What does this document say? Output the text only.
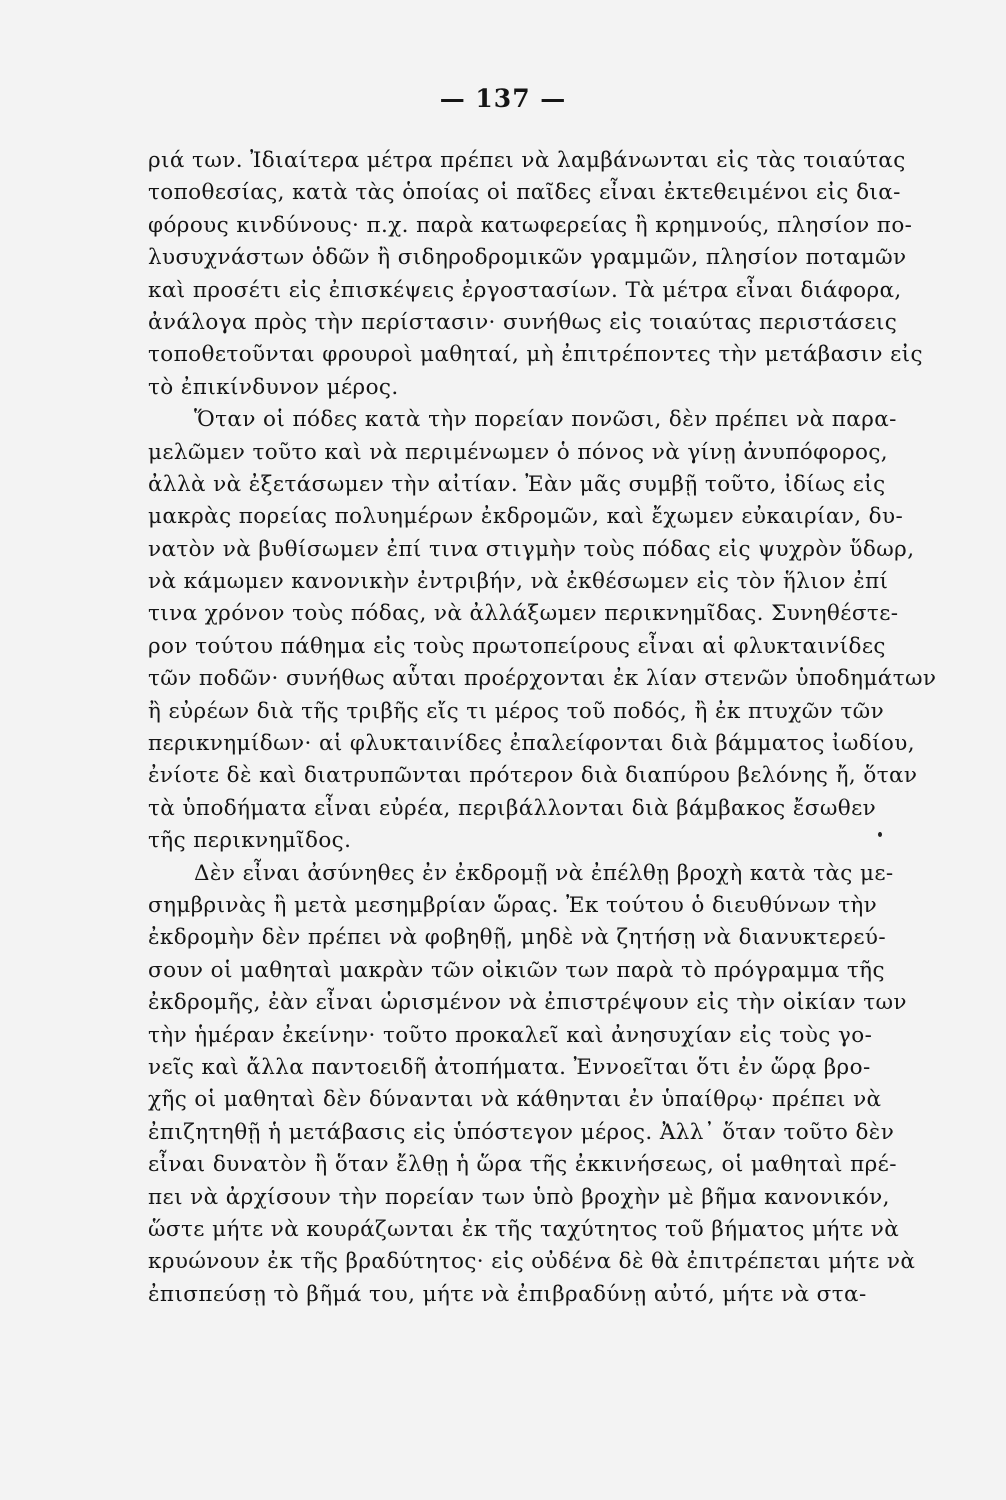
— 137 —
ριά των. Ἰδιαίτερα μέτρα πρέπει νὰ λαμβάνωνται εἰς τὰς τοιαύτας
τοποθεσίας, κατὰ τὰς ὁποίας οἱ παῖδες εἶναι ἐκτεθειμένοι εἰς δια-
φόρους κινδύνους· π.χ. παρὰ κατωφερείας ἢ κρημνούς, πλησίον πο-
λυσυχνάστων ὁδῶν ἢ σιδηροδρομικῶν γραμμῶν, πλησίον ποταμῶν
καὶ προσέτι εἰς ἐπισκέψεις ἐργοστασίων. Τὰ μέτρα εἶναι διάφορα,
ἀνάλογα πρὸς τὴν περίστασιν· συνήθως εἰς τοιαύτας περιστάσεις
τοποθετοῦνται φρουροὶ μαθηταί, μὴ ἐπιτρέποντες τὴν μετάβασιν εἰς
τὸ ἐπικίνδυνον μέρος.
Ὅταν οἱ πόδες κατὰ τὴν πορείαν πονῶσι, δὲν πρέπει νὰ παρα-
μελῶμεν τοῦτο καὶ νὰ περιμένωμεν ὁ πόνος νὰ γίνῃ ἀνυπόφορος,
ἀλλὰ νὰ ἐξετάσωμεν τὴν αἰτίαν. Ἐὰν μᾶς συμβῇ τοῦτο, ἰδίως εἰς
μακρὰς πορείας πολυημέρων ἐκδρομῶν, καὶ ἔχωμεν εὐκαιρίαν, δυ-
νατὸν νὰ βυθίσωμεν ἐπί τινα στιγμὴν τοὺς πόδας εἰς ψυχρὸν ὕδωρ,
νὰ κάμωμεν κανονικὴν ἐντριβήν, νὰ ἐκθέσωμεν εἰς τὸν ἥλιον ἐπί
τινα χρόνον τοὺς πόδας, νὰ ἀλλάξωμεν περικνημῖδας. Συνηθέστε-
ρον τούτου πάθημα εἰς τοὺς πρωτοπείρους εἶναι αἱ φλυκταινίδες
τῶν ποδῶν· συνήθως αὗται προέρχονται ἐκ λίαν στενῶν ὑποδημάτων
ἢ εὐρέων διὰ τῆς τριβῆς εἴς τι μέρος τοῦ ποδός, ἢ ἐκ πτυχῶν τῶν
περικνημίδων· αἱ φλυκταινίδες ἐπαλείφονται διὰ βάμματος ἰωδίου,
ἐνίοτε δὲ καὶ διατρυπῶνται πρότερον διὰ διαπύρου βελόνης ἤ, ὅταν
τὰ ὑποδήματα εἶναι εὐρέα, περιβάλλονται διὰ βάμβακος ἔσωθεν
τῆς περικνημῖδος.
Δὲν εἶναι ἀσύνηθες ἐν ἐκδρομῇ νὰ ἐπέλθῃ βροχὴ κατὰ τὰς με-
σημβρινὰς ἢ μετὰ μεσημβρίαν ὥρας. Ἐκ τούτου ὁ διευθύνων τὴν
ἐκδρομὴν δὲν πρέπει νὰ φοβηθῇ, μηδὲ νὰ ζητήσῃ νὰ διανυκτερεύ-
σουν οἱ μαθηταὶ μακρὰν τῶν οἰκιῶν των παρὰ τὸ πρόγραμμα τῆς
ἐκδρομῆς, ἐὰν εἶναι ὡρισμένον νὰ ἐπιστρέψουν εἰς τὴν οἰκίαν των
τὴν ἡμέραν ἐκείνην· τοῦτο προκαλεῖ καὶ ἀνησυχίαν εἰς τοὺς γο-
νεῖς καὶ ἄλλα παντοειδῆ ἀτοπήματα. Ἐννοεῖται ὅτι ἐν ὥρᾳ βρο-
χῆς οἱ μαθηταὶ δὲν δύνανται νὰ κάθηνται ἐν ὑπαίθρῳ· πρέπει νὰ
ἐπιζητηθῇ ἡ μετάβασις εἰς ὑπόστεγον μέρος. Ἀλλ᾽ ὅταν τοῦτο δὲν
εἶναι δυνατὸν ἢ ὅταν ἔλθῃ ἡ ὥρα τῆς ἐκκινήσεως, οἱ μαθηταὶ πρέ-
πει νὰ ἀρχίσουν τὴν πορείαν των ὑπὸ βροχὴν μὲ βῆμα κανονικόν,
ὥστε μήτε νὰ κουράζωνται ἐκ τῆς ταχύτητος τοῦ βήματος μήτε νὰ
κρυώνουν ἐκ τῆς βραδύτητος· εἰς οὐδένα δὲ θὰ ἐπιτρέπεται μήτε νὰ
ἐπισπεύσῃ τὸ βῆμά του, μήτε νὰ ἐπιβραδύνῃ αὐτό, μήτε νὰ στα-
